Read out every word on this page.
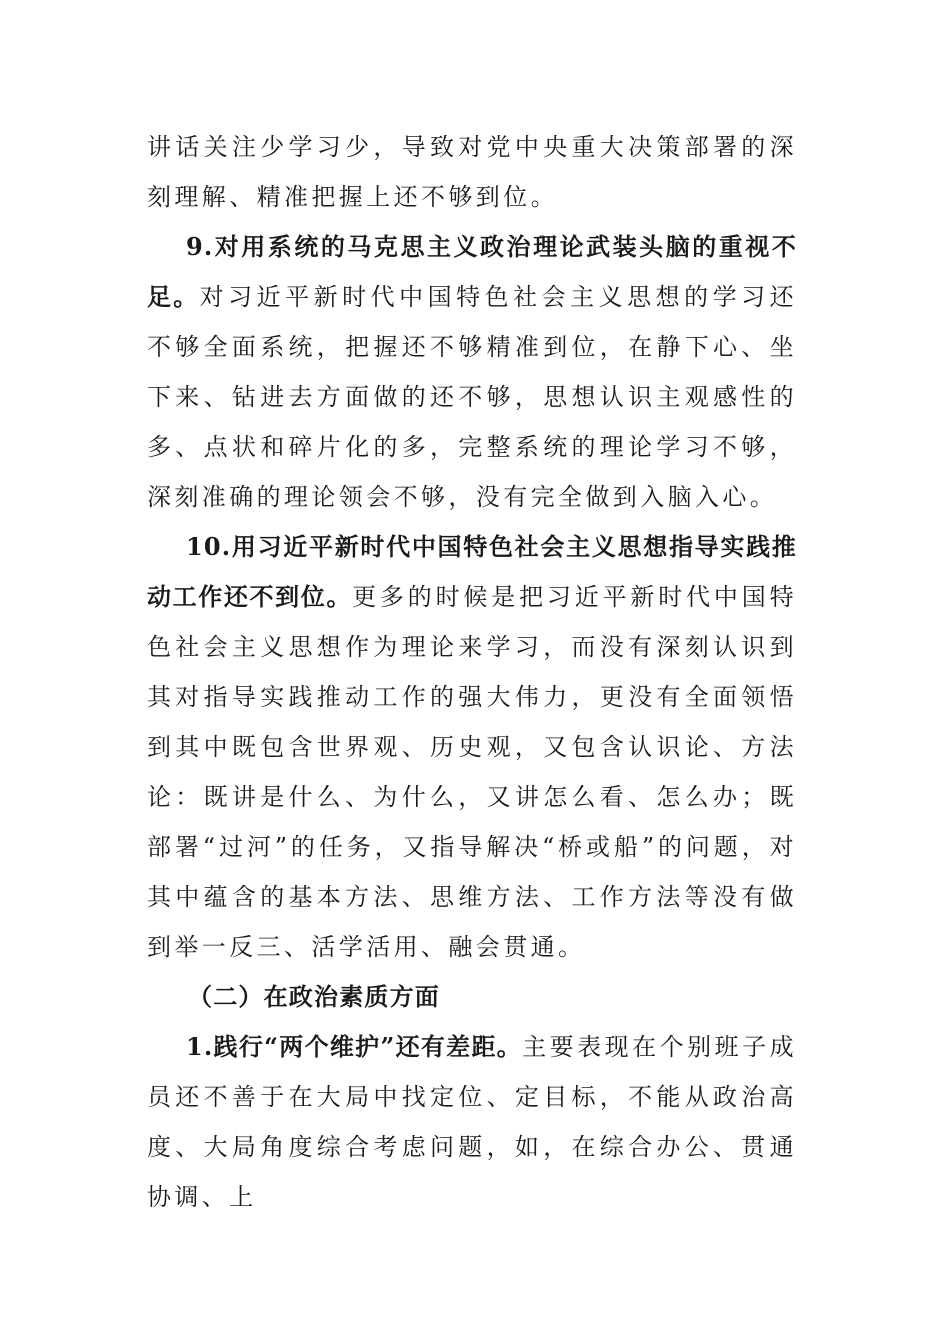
讲话关注少学习少，导致对党中央重大决策部署的深刻理解、精准把握上还不够到位。

9.对用系统的马克思主义政治理论武装头脑的重视不足。对习近平新时代中国特色社会主义思想的学习还不够全面系统，把握还不够精准到位，在静下心、坐下来、钻进去方面做的还不够，思想认识主观感性的多、点状和碎片化的多，完整系统的理论学习不够，深刻准确的理论领会不够，没有完全做到入脑入心。

10.用习近平新时代中国特色社会主义思想指导实践推动工作还不到位。更多的时候是把习近平新时代中国特色社会主义思想作为理论来学习，而没有深刻认识到其对指导实践推动工作的强大伟力，更没有全面领悟到其中既包含世界观、历史观，又包含认识论、方法论：既讲是什么、为什么，又讲怎么看、怎么办；既部署“过河”的任务，又指导解决“桥或船”的问题，对其中蕴含的基本方法、思维方法、工作方法等没有做到举一反三、活学活用、融会贯通。

（二）在政治素质方面

1.践行“两个维护”还有差距。主要表现在个别班子成员还不善于在大局中找定位、定目标，不能从政治高度、大局角度综合考虑问题，如，在综合办公、贯通协调、上
